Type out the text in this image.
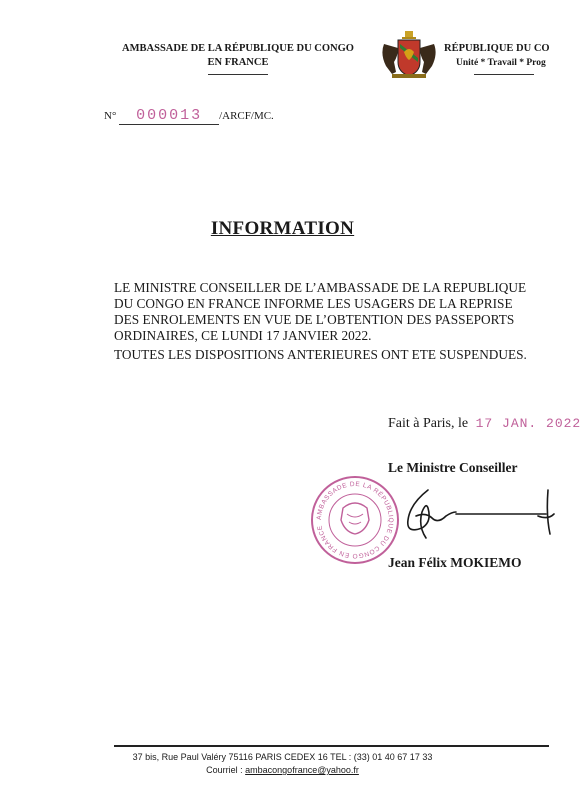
AMBASSADE DE LA RÉPUBLIQUE DU CONGO
EN FRANCE
RÉPUBLIQUE DU CO
Unité * Travail * Prog
N° 000013 /ARCF/MC.
INFORMATION
LE MINISTRE CONSEILLER DE L’AMBASSADE DE LA REPUBLIQUE DU CONGO EN FRANCE INFORME LES USAGERS DE LA REPRISE DES ENROLEMENTS EN VUE DE L’OBTENTION DES PASSEPORTS ORDINAIRES, CE LUNDI 17 JANVIER 2022.
TOUTES LES DISPOSITIONS ANTERIEURES ONT ETE SUSPENDUES.
Fait à Paris, le 17 JAN. 2022
Le Ministre Conseiller
AMBASSADE DE LA RÉPUBLIQUE DU CONGO EN FRANCE
Jean Félix MOKIEMO
37 bis, Rue Paul Valéry 75116 PARIS CEDEX 16 TEL : (33) 01 40 67 17 33
Courriel : ambacongofrance@yahoo.fr
